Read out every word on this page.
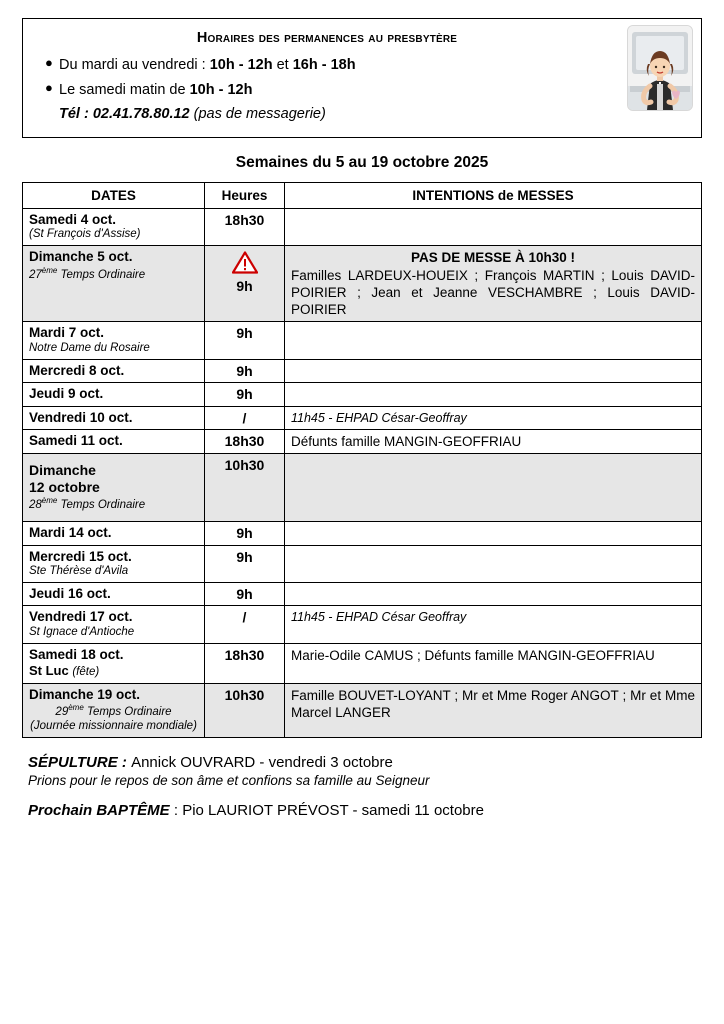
Horaires des permanences au presbytère
● Du mardi au vendredi : 10h - 12h et 16h - 18h
● Le samedi matin de 10h - 12h
Tél : 02.41.78.80.12 (pas de messagerie)
Semaines du 5 au 19 octobre 2025
DATES	Heures	INTENTIONS de MESSES

Samedi 4 oct.
(St François d'Assise)	18h30	

Dimanche 5 oct.
27ème Temps Ordinaire	9h	PAS DE MESSE À 10h30 !
Familles LARDEUX-HOUEIX ; François MARTIN ; Louis DAVID-POIRIER ; Jean et Jeanne VESCHAMBRE ; Louis DAVID-POIRIER

Mardi 7 oct.
Notre Dame du Rosaire	9h	

Mercredi 8 oct.	9h	

Jeudi 9 oct.	9h	

Vendredi 10 oct.	/	11h45 - EHPAD César-Geoffray

Samedi 11 oct.	18h30	Défunts famille MANGIN-GEOFFRIAU

Dimanche
12 octobre
28ème Temps Ordinaire	10h30	

Mardi 14 oct.	9h	

Mercredi 15 oct.
Ste Thérèse d'Avila	9h	

Jeudi 16 oct.	9h	

Vendredi 17 oct.
St Ignace d'Antioche	/	11h45 - EHPAD César Geoffray

Samedi 18 oct.
St Luc (fête)	18h30	Marie-Odile CAMUS ; Défunts famille MANGIN-GEOFFRIAU

Dimanche 19 oct.
29ème Temps Ordinaire
(Journée missionnaire mondiale)	10h30	Famille BOUVET-LOYANT ; Mr et Mme Roger ANGOT ; Mr et Mme Marcel LANGER
SÉPULTURE : Annick OUVRARD - vendredi 3 octobre
Prions pour le repos de son âme et confions sa famille au Seigneur
Prochain BAPTÊME : Pio LAURIOT PRÉVOST - samedi 11 octobre
